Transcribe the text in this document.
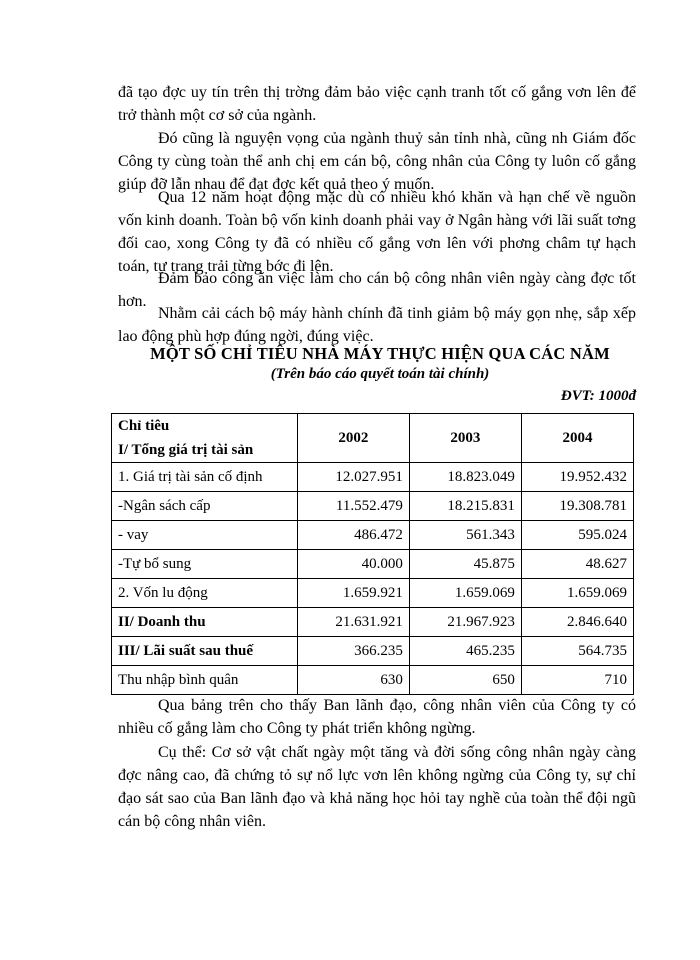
đã tạo đợc uy tín trên thị trờng đảm bảo việc cạnh tranh tốt cố gắng vơn lên để trở thành một cơ sở của ngành.

Đó cũng là nguyện vọng của ngành thuỷ sản tỉnh nhà, cũng nh Giám đốc Công ty cùng toàn thể anh chị em cán bộ, công nhân của Công ty luôn cố gắng giúp đỡ lẫn nhau để đạt đợc kết quả theo ý muốn.

Qua 12 năm hoạt động mặc dù có nhiều khó khăn và hạn chế về nguồn vốn kinh doanh. Toàn bộ vốn kinh doanh phải vay ở Ngân hàng với lãi suất tơng đối cao, xong Công ty đã có nhiều cố gắng vơn lên với phơng châm tự hạch toán, tự trang trải từng bớc đi lên.

Đảm bảo công ăn việc làm cho cán bộ công nhân viên ngày càng đợc tốt hơn.

Nhằm cải cách bộ máy hành chính đã tinh giảm bộ máy gọn nhẹ, sắp xếp lao động phù hợp đúng ngời, đúng việc.

MỘT SỐ CHỈ TIÊU NHÀ MÁY THỰC HIỆN QUA CÁC NĂM
(Trên báo cáo quyết toán tài chính)
ĐVT: 1000đ
Chỉ tiêu	2002	2003	2004
I/ Tổng giá trị tài sản			
1. Giá trị tài sản cố định	12.027.951	18.823.049	19.952.432
-Ngân sách cấp	11.552.479	18.215.831	19.308.781
- vay	486.472	561.343	595.024
-Tự bổ sung	40.000	45.875	48.627
2. Vốn lu động	1.659.921	1.659.069	1.659.069
II/ Doanh thu	21.631.921	21.967.923	2.846.640
III/ Lãi suất sau thuế	366.235	465.235	564.735
Thu nhập bình quân	630	650	710

Qua bảng trên cho thấy Ban lãnh đạo, công nhân viên của Công ty có nhiều cố gắng làm cho Công ty phát triển không ngừng.

Cụ thể: Cơ sở vật chất ngày một tăng và đời sống công nhân ngày càng đợc nâng cao, đã chứng tỏ sự nổ lực vơn lên không ngừng của Công ty, sự chỉ đạo sát sao của Ban lãnh đạo và khả năng học hỏi tay nghề của toàn thể đội ngũ cán bộ công nhân viên.
